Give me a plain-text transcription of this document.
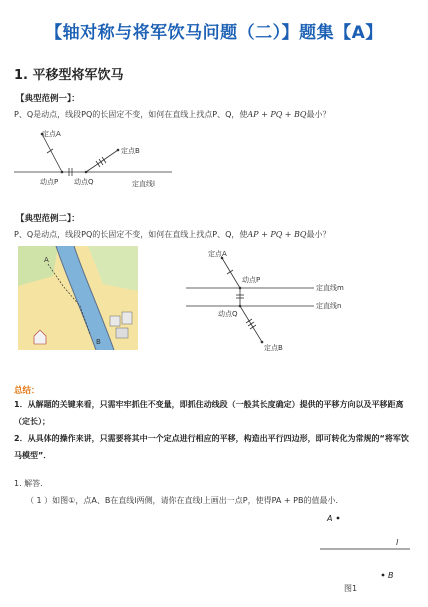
【轴对称与将军饮马问题（二）】题集【A】
1. 平移型将军饮马
【典型范例一】：
P、Q是动点，线段PQ的长固定不变，如何在直线上找点P、Q，使AP + PQ + BQ最小？
定点A
定点B
动点P 动点Q	定直线l
【典型范例二】：
P、Q是动点，线段PQ的长固定不变，如何在直线上找点P、Q，使AP + PQ + BQ最小？
A
B
定点A
动点P
定直线m
定直线n
动点Q
定点B
总结：
1．从解题的关键来看，只需牢牢抓住不变量，即抓住动线段（一般其长度确定）提供的平移方向以及平移距离（定长）；
2．从具体的操作来讲，只需要将其中一个定点进行相应的平移，构造出平行四边形，即可转化为常规的“将军饮马模型”．
1. 解答．
（ 1 ）如图①，点A、B在直线l两侧，请你在直线l上画出一点P，使得PA + PB的值最小．
A
l
B
图1
